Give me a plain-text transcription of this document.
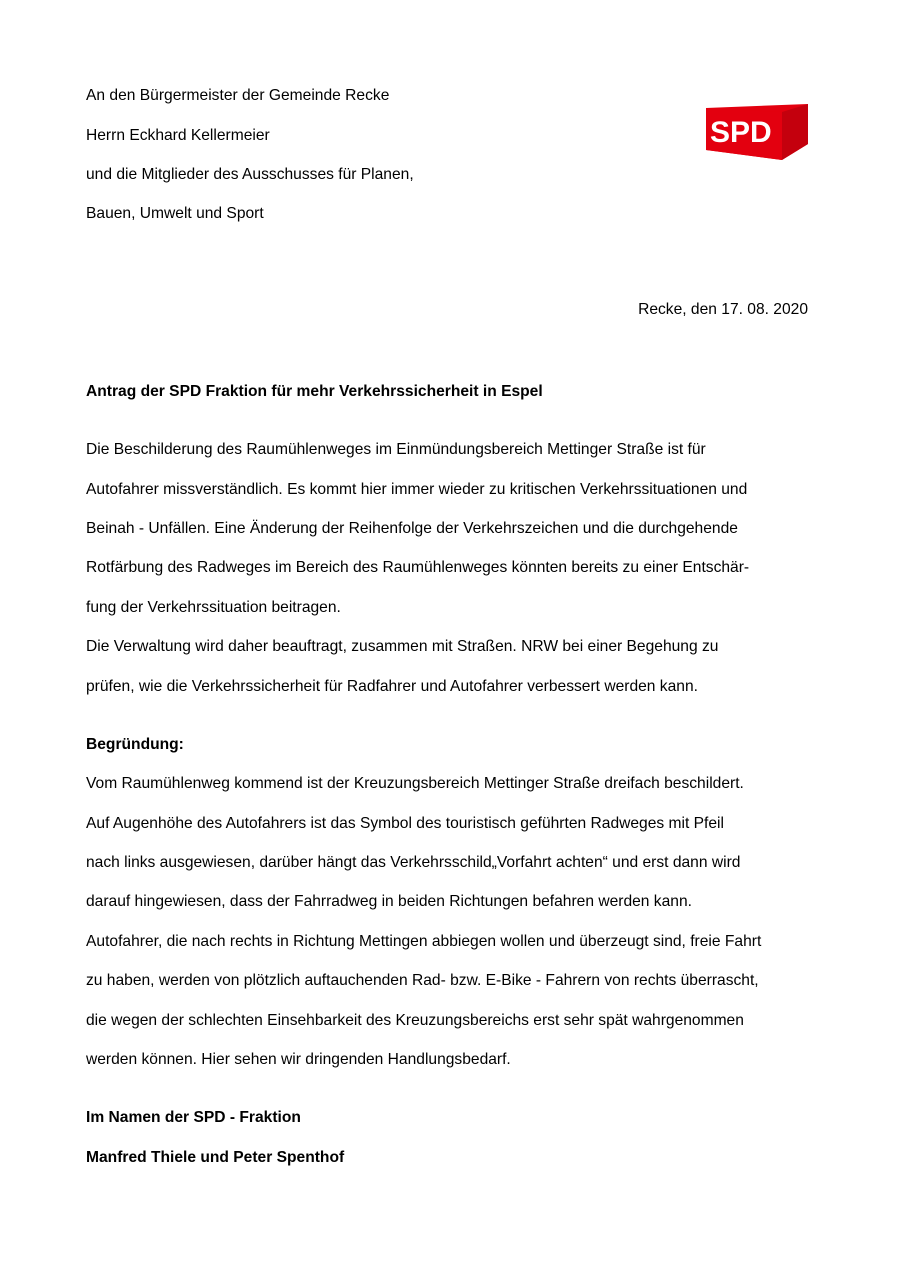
An den Bürgermeister der Gemeinde Recke
Herrn Eckhard Kellermeier
und die Mitglieder des Ausschusses für Planen,
Bauen, Umwelt und Sport
SPD
Recke, den 17. 08. 2020
Antrag der SPD Fraktion für mehr Verkehrssicherheit in Espel
Die Beschilderung des Raumühlenweges im Einmündungsbereich Mettinger Straße ist für
Autofahrer missverständlich. Es kommt hier immer wieder zu kritischen Verkehrssituationen und
Beinah - Unfällen. Eine Änderung der Reihenfolge der Verkehrszeichen und die durchgehende
Rotfärbung des Radweges im Bereich des Raumühlenweges könnten bereits zu einer Entschär-
fung der Verkehrssituation beitragen.
Die Verwaltung wird daher beauftragt, zusammen mit Straßen. NRW bei einer Begehung zu
prüfen, wie die Verkehrssicherheit für Radfahrer und Autofahrer verbessert werden kann.
Begründung:
Vom Raumühlenweg kommend ist der Kreuzungsbereich Mettinger Straße dreifach beschildert.
Auf Augenhöhe des Autofahrers ist das Symbol des touristisch geführten Radweges mit Pfeil
nach links ausgewiesen, darüber hängt das Verkehrsschild„Vorfahrt achten“ und erst dann wird
darauf hingewiesen, dass der Fahrradweg in beiden Richtungen befahren werden kann.
Autofahrer, die nach rechts in Richtung Mettingen abbiegen wollen und überzeugt sind, freie Fahrt
zu haben, werden von plötzlich auftauchenden Rad- bzw. E-Bike - Fahrern von rechts überrascht,
die wegen der schlechten Einsehbarkeit des Kreuzungsbereichs erst sehr spät wahrgenommen
werden können. Hier sehen wir dringenden Handlungsbedarf.
Im Namen der SPD - Fraktion
Manfred Thiele und Peter Spenthof
